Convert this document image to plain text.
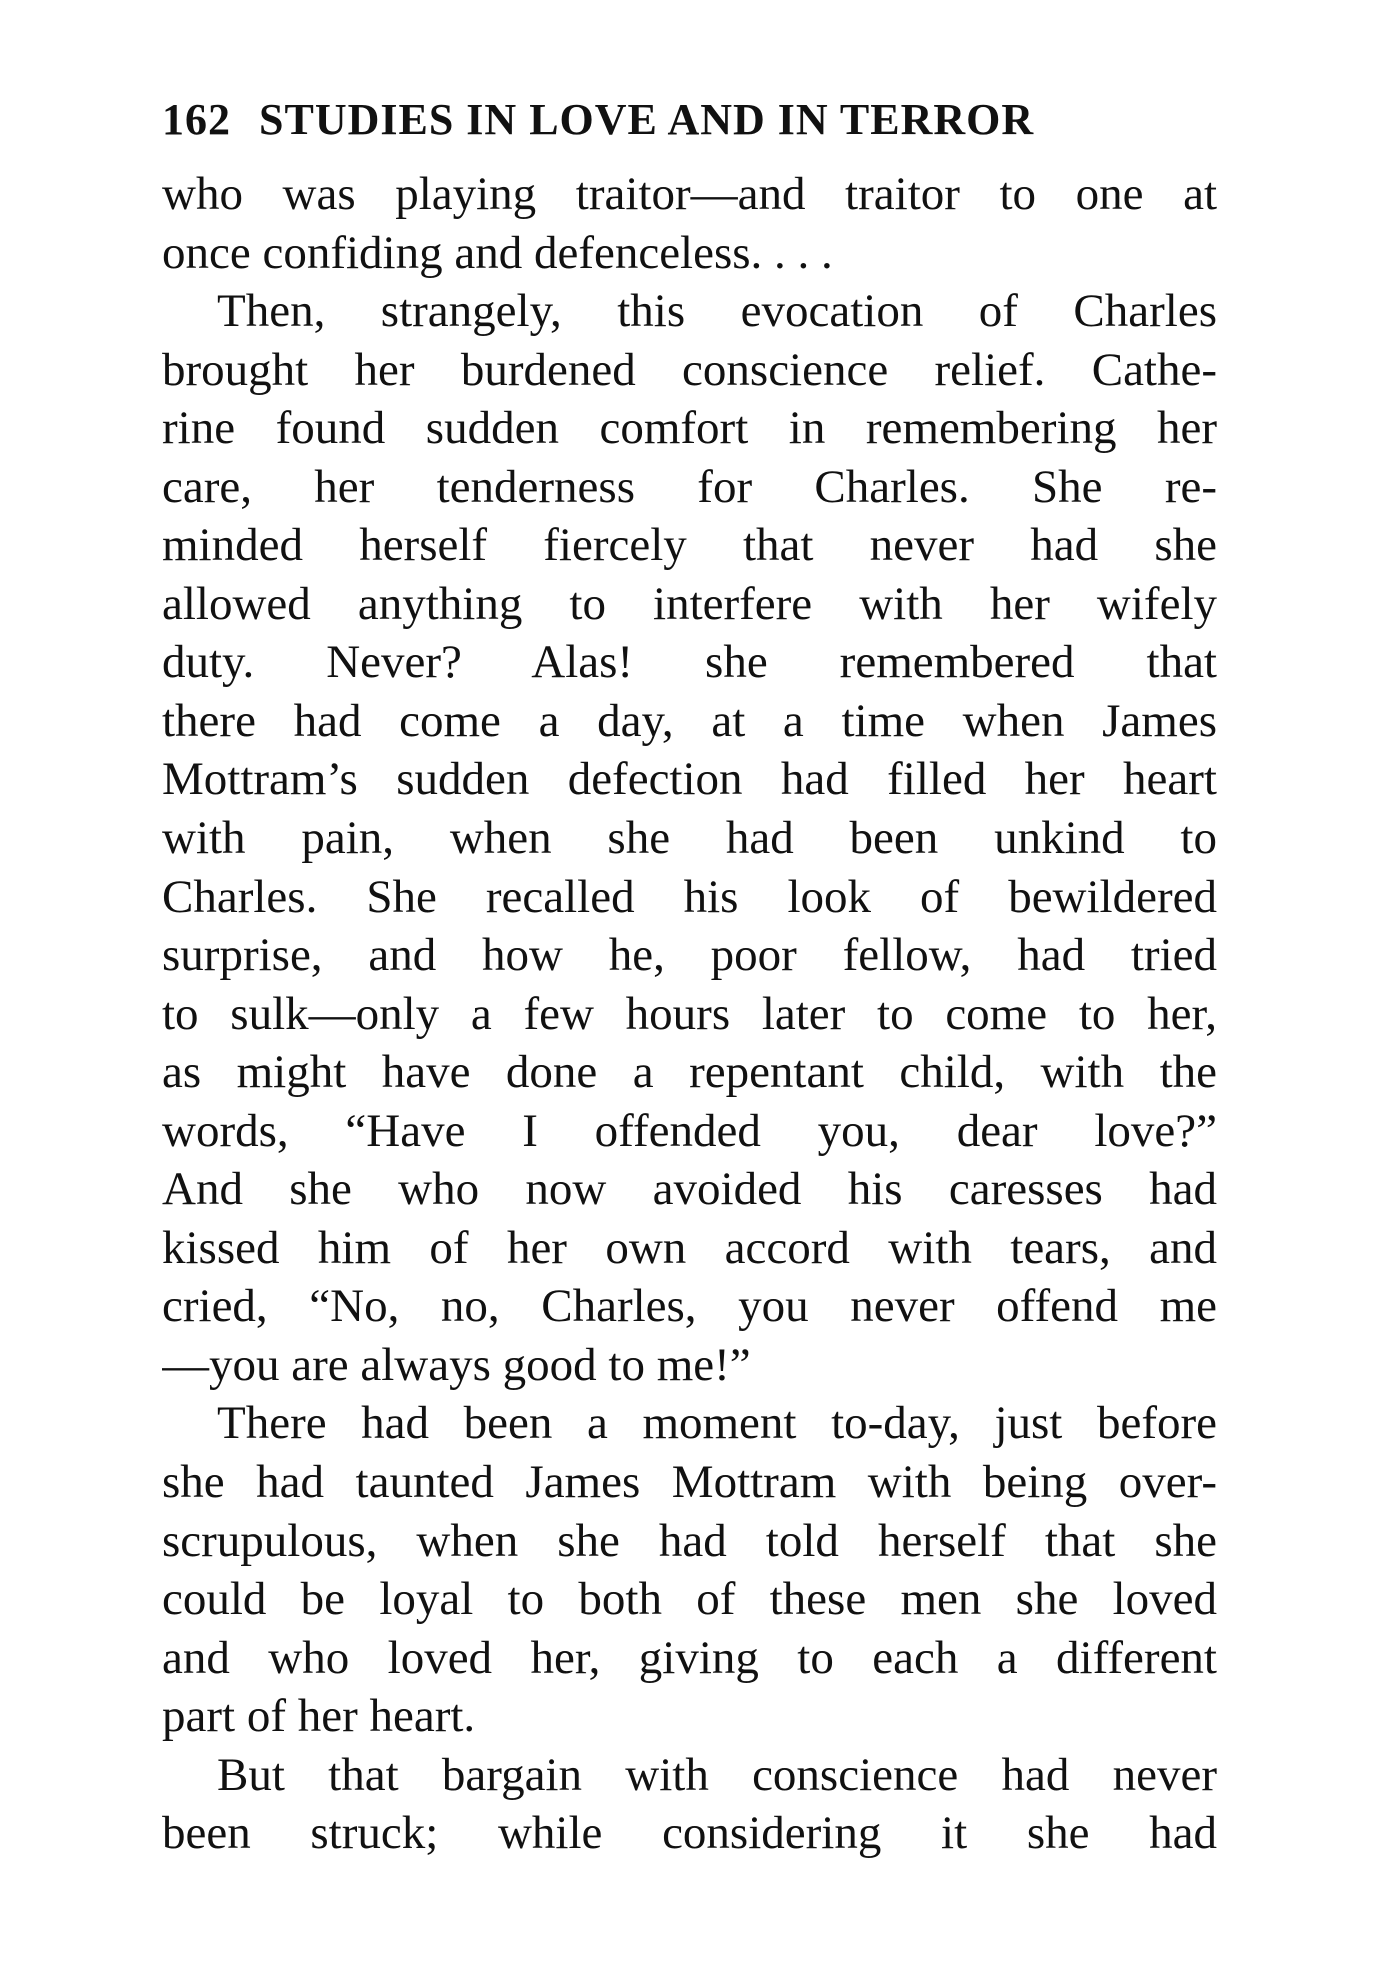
162 STUDIES IN LOVE AND IN TERROR
who was playing traitor—and traitor to one at
once confiding and defenceless. . . .
Then, strangely, this evocation of Charles
brought her burdened conscience relief. Cathe-
rine found sudden comfort in remembering her
care, her tenderness for Charles. She re-
minded herself fiercely that never had she
allowed anything to interfere with her wifely
duty. Never? Alas! she remembered that
there had come a day, at a time when James
Mottram’s sudden defection had filled her heart
with pain, when she had been unkind to
Charles. She recalled his look of bewildered
surprise, and how he, poor fellow, had tried
to sulk—only a few hours later to come to her,
as might have done a repentant child, with the
words, “Have I offended you, dear love?”
And she who now avoided his caresses had
kissed him of her own accord with tears, and
cried, “No, no, Charles, you never offend me
—you are always good to me!”
There had been a moment to-day, just before
she had taunted James Mottram with being over-
scrupulous, when she had told herself that she
could be loyal to both of these men she loved
and who loved her, giving to each a different
part of her heart.
But that bargain with conscience had never
been struck; while considering it she had
